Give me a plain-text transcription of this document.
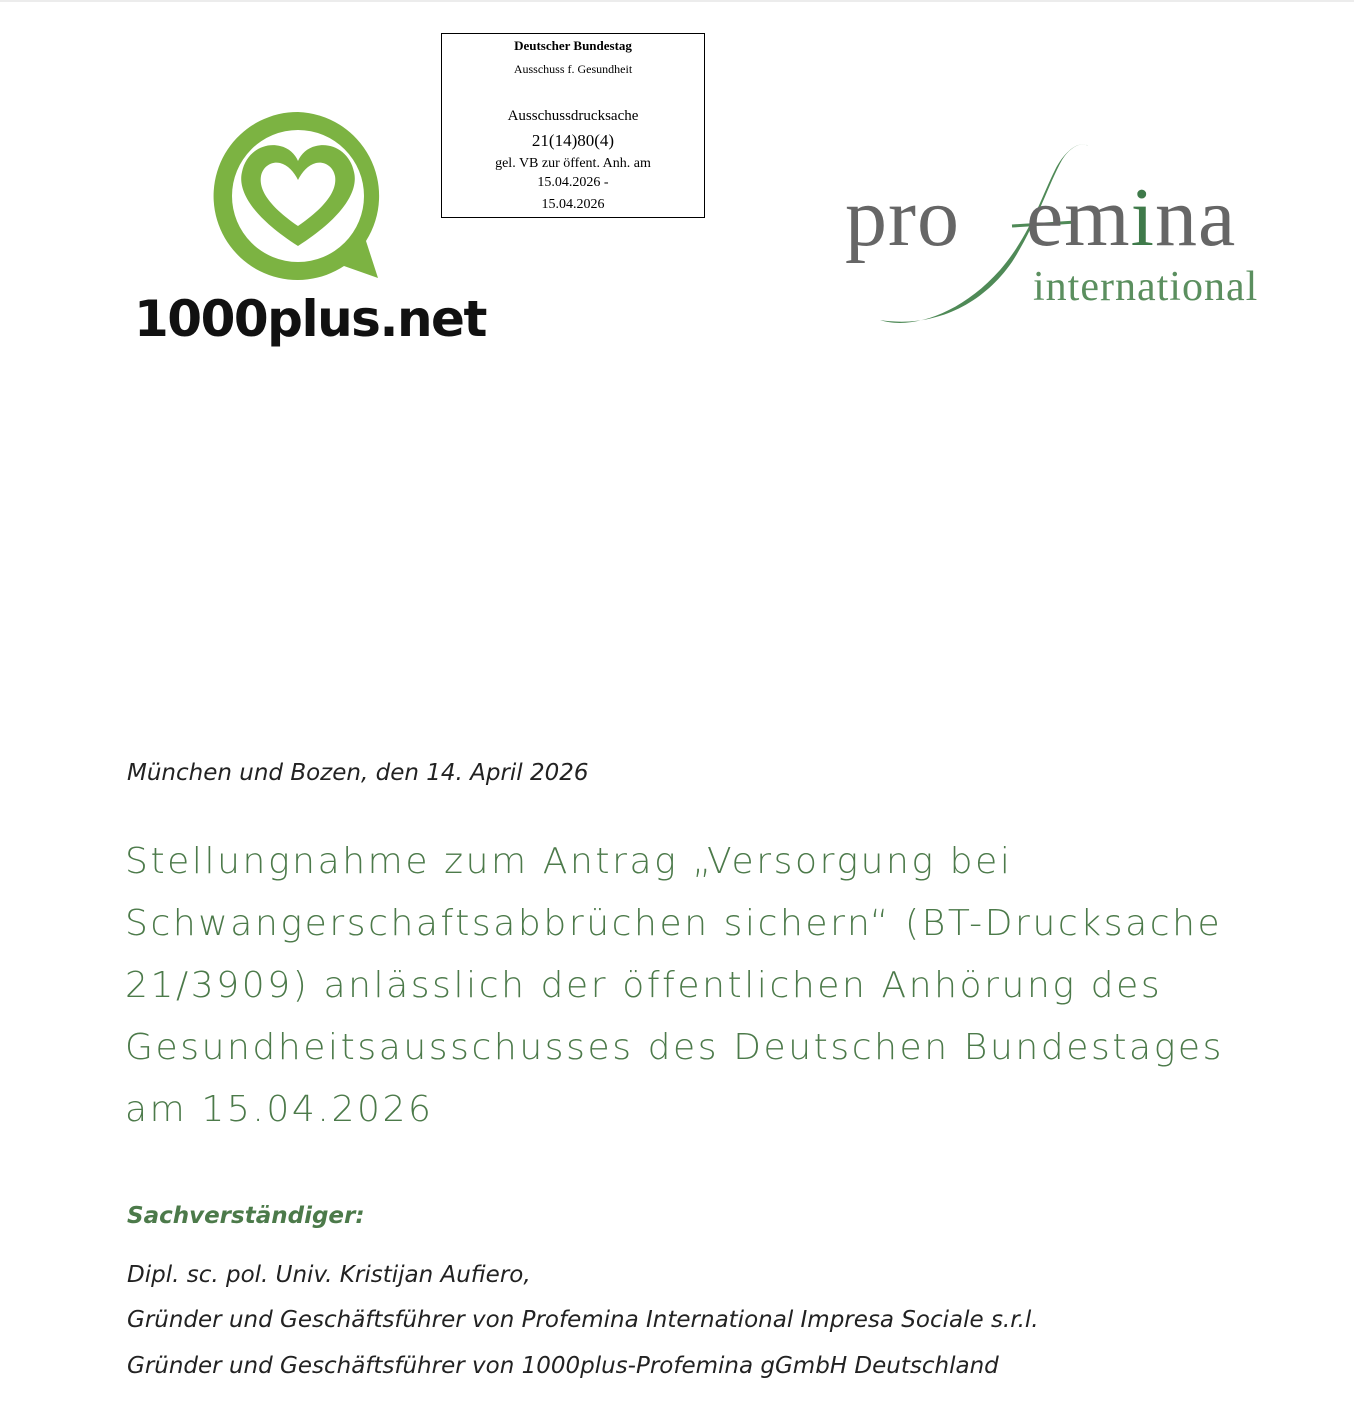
1000plus.net
Deutscher Bundestag
Ausschuss f. Gesundheit
Ausschussdrucksache
21(14)80(4)
gel. VB zur öffent. Anh. am
15.04.2026 -
15.04.2026	pro emina
international
München und Bozen, den 14. April 2026
Stellungnahme zum Antrag „Versorgung bei Schwangerschaftsabbrüchen sichern“ (BT-Drucksache 21/3909) anlässlich der öffentlichen Anhörung des Gesundheitsausschusses des Deutschen Bundestages am 15.04.2026
Sachverständiger:
Dipl. sc. pol. Univ. Kristijan Aufiero,
Gründer und Geschäftsführer von Profemina International Impresa Sociale s.r.l.
Gründer und Geschäftsführer von 1000plus-Profemina gGmbH Deutschland
